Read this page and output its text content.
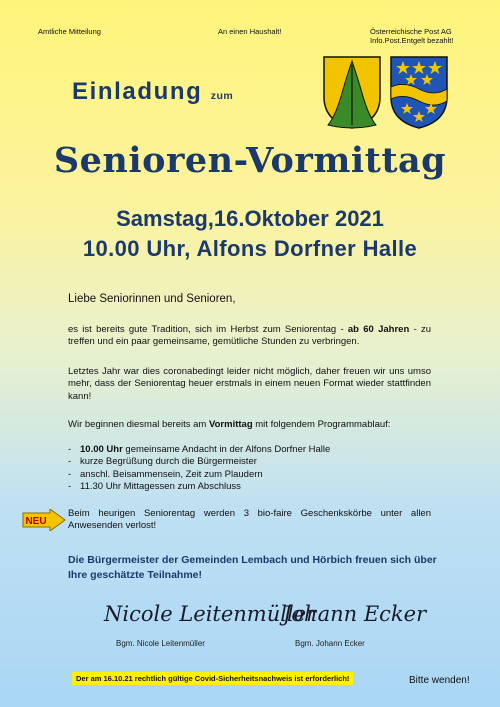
Amtliche Mitteilung	An einen Haushalt!	Österreichische Post AG
Info.Post.Entgelt bezahlt!
Einladung zum
Senioren-Vormittag
Samstag,16.Oktober 2021
10.00 Uhr, Alfons Dorfner Halle
Liebe Seniorinnen und Senioren,
es ist bereits gute Tradition, sich im Herbst zum Seniorentag - ab 60 Jahren - zu treffen und ein paar gemeinsame, gemütliche Stunden zu verbringen.
Letztes Jahr war dies coronabedingt leider nicht möglich, daher freuen wir uns umso mehr, dass der Seniorentag heuer erstmals in einem neuen Format wieder stattfinden kann!
Wir beginnen diesmal bereits am Vormittag mit folgendem Programmablauf:
- 10.00 Uhr gemeinsame Andacht in der Alfons Dorfner Halle
- kurze Begrüßung durch die Bürgermeister
- anschl. Beisammensein, Zeit zum Plaudern
- 11.30 Uhr Mittagessen zum Abschluss
NEU
Beim heurigen Seniorentag werden 3 bio-faire Geschenkskörbe unter allen Anwesenden verlost!
Die Bürgermeister der Gemeinden Lembach und Hörbich freuen sich über Ihre geschätzte Teilnahme!
Nicole Leitenmüller
Johann Ecker
Bgm. Nicole Leitenmüller	Bgm. Johann Ecker
Der am 16.10.21 rechtlich gültige Covid-Sicherheitsnachweis ist erforderlich!	Bitte wenden!
